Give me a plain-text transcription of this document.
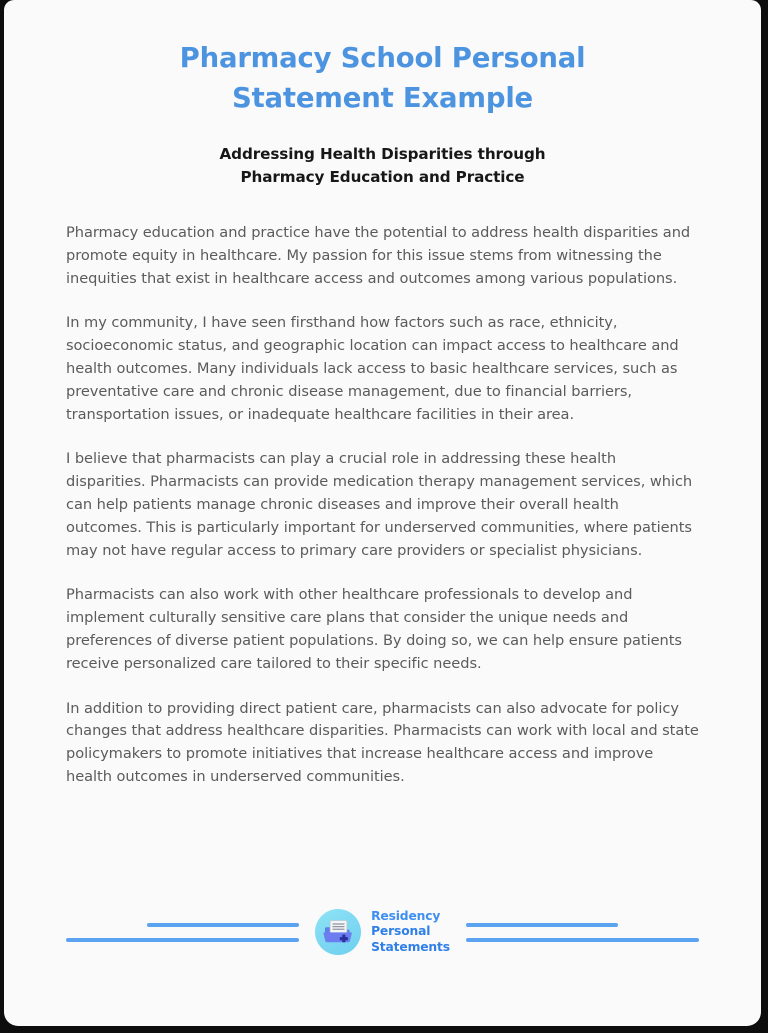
Pharmacy School Personal Statement Example
Addressing Health Disparities through Pharmacy Education and Practice

Pharmacy education and practice have the potential to address health disparities and promote equity in healthcare. My passion for this issue stems from witnessing the inequities that exist in healthcare access and outcomes among various populations.

In my community, I have seen firsthand how factors such as race, ethnicity, socioeconomic status, and geographic location can impact access to healthcare and health outcomes. Many individuals lack access to basic healthcare services, such as preventative care and chronic disease management, due to financial barriers, transportation issues, or inadequate healthcare facilities in their area.

I believe that pharmacists can play a crucial role in addressing these health disparities. Pharmacists can provide medication therapy management services, which can help patients manage chronic diseases and improve their overall health outcomes. This is particularly important for underserved communities, where patients may not have regular access to primary care providers or specialist physicians.

Pharmacists can also work with other healthcare professionals to develop and implement culturally sensitive care plans that consider the unique needs and preferences of diverse patient populations. By doing so, we can help ensure patients receive personalized care tailored to their specific needs.

In addition to providing direct patient care, pharmacists can also advocate for policy changes that address healthcare disparities. Pharmacists can work with local and state policymakers to promote initiatives that increase healthcare access and improve health outcomes in underserved communities.

Residency
Personal
Statements
